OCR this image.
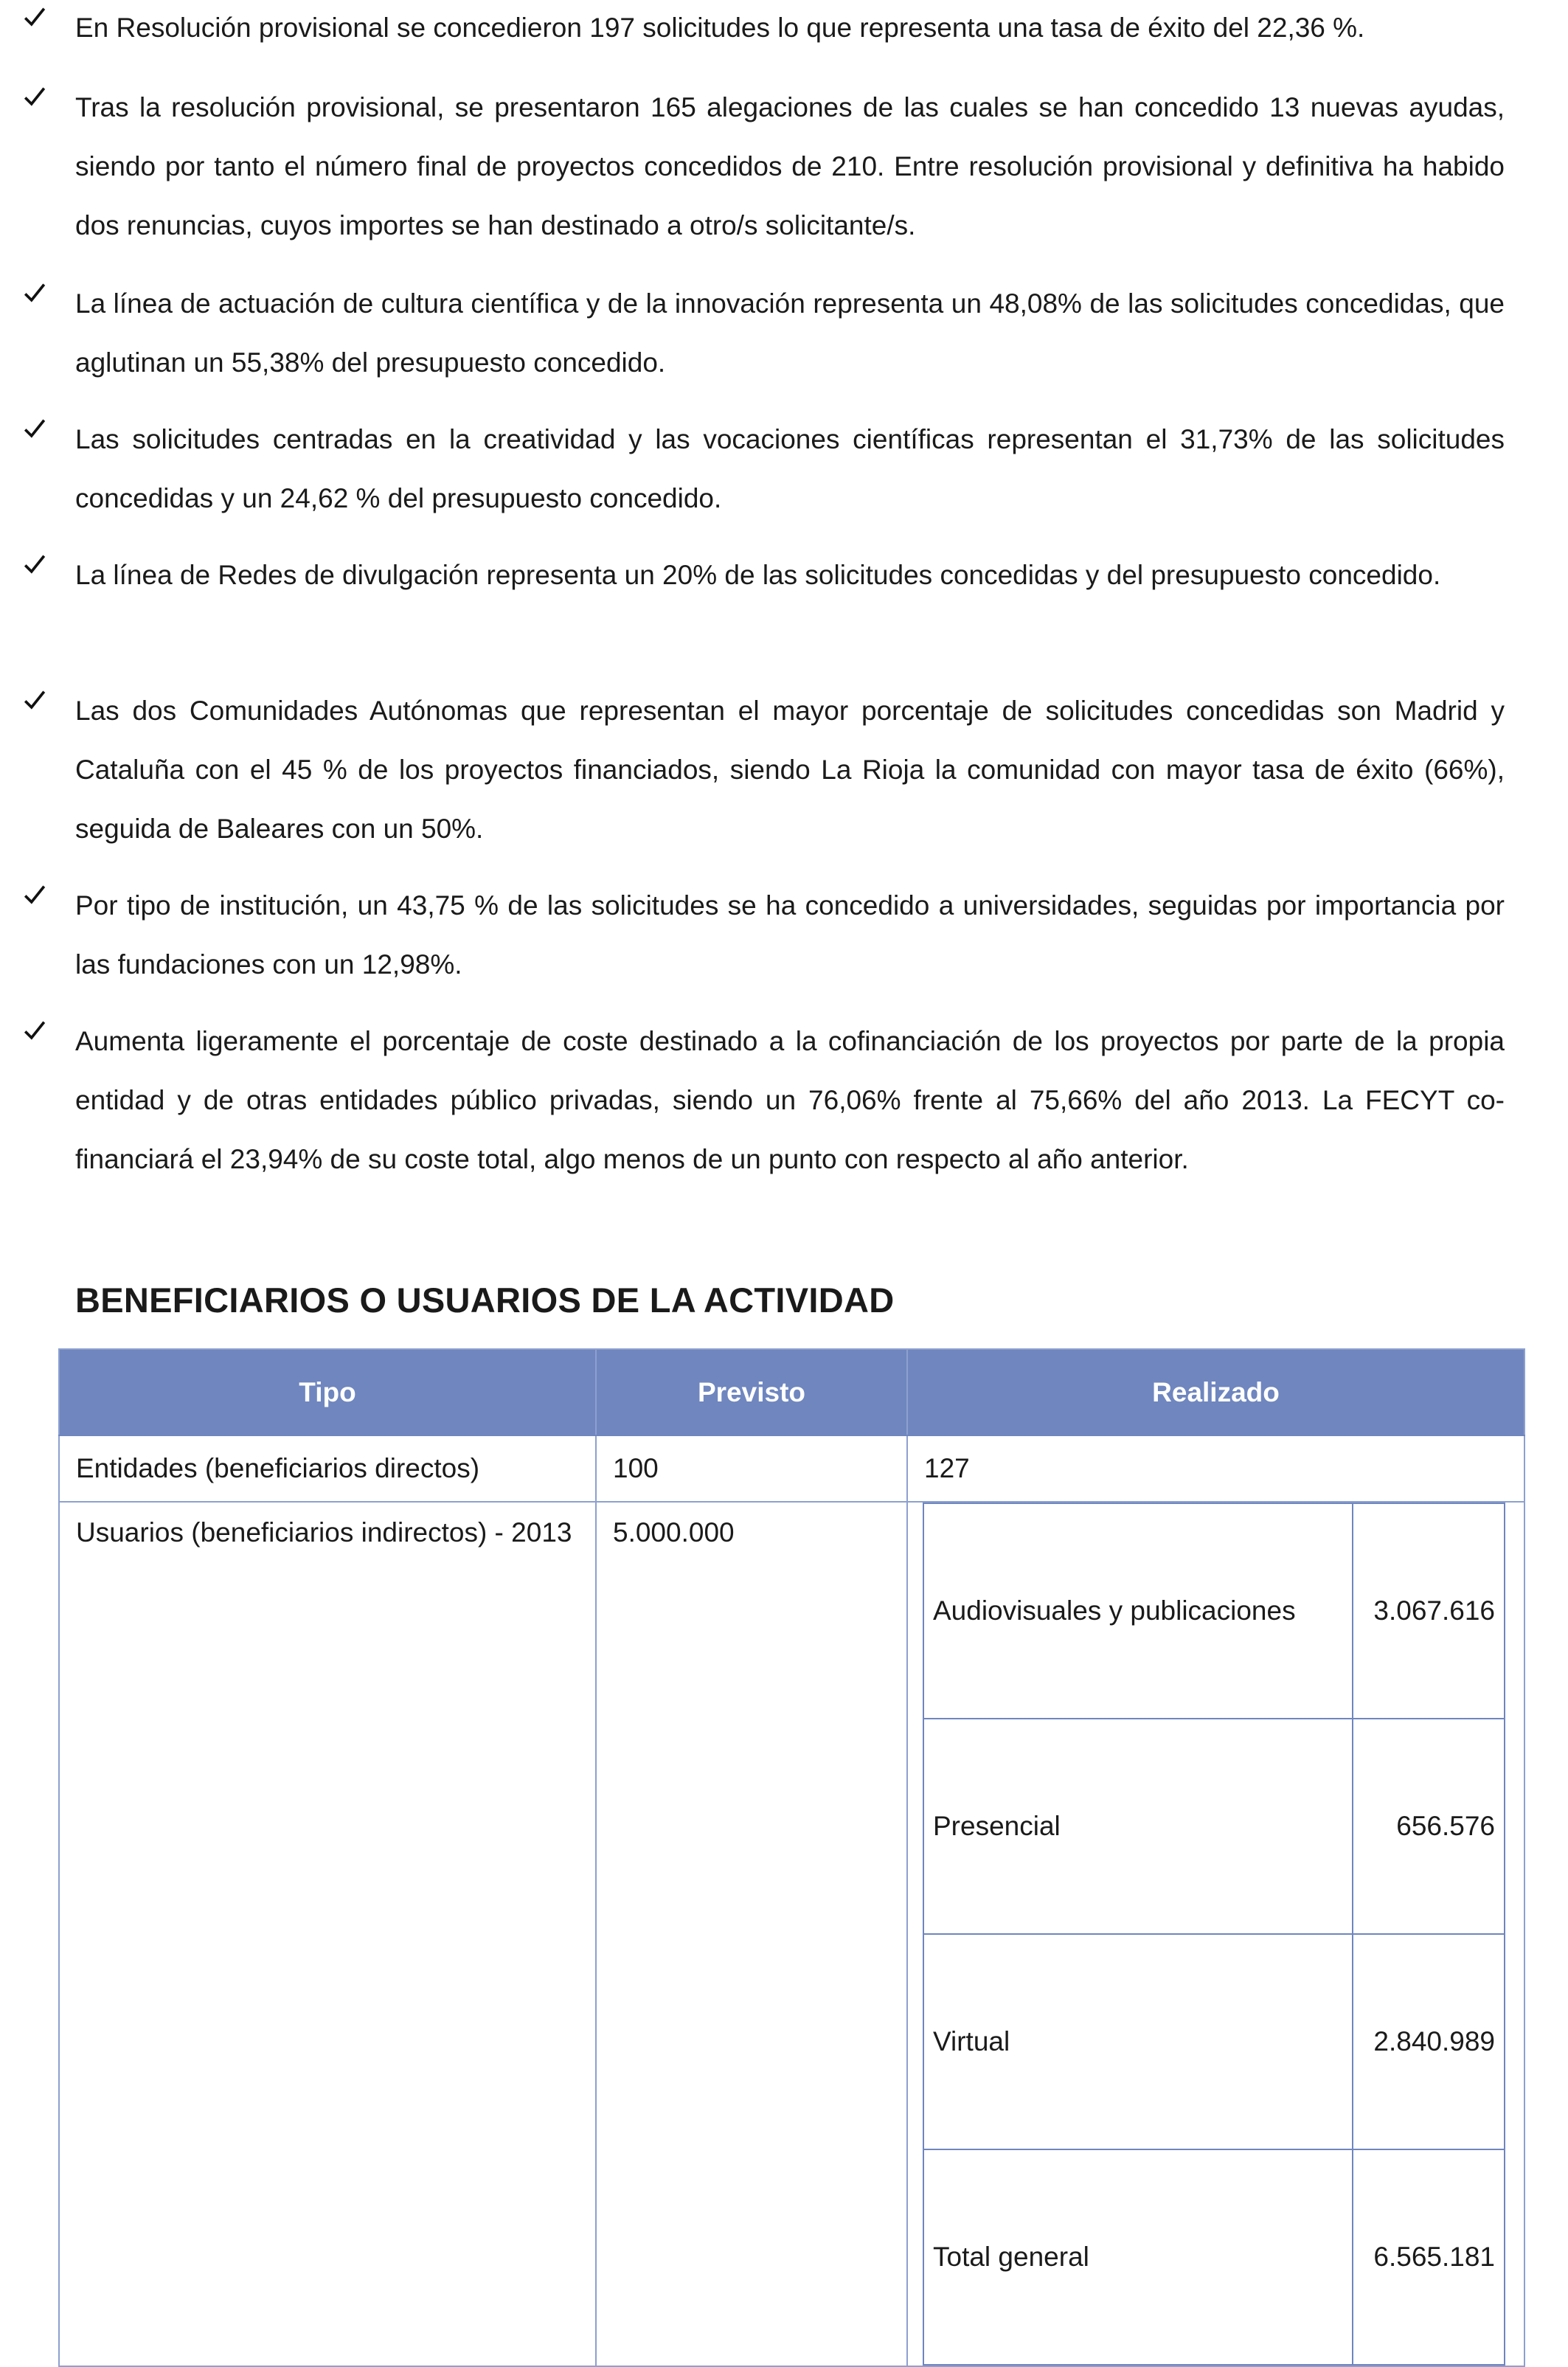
En Resolución provisional se concedieron 197 solicitudes lo que representa una tasa de éxito del 22,36 %.
Tras la resolución provisional, se presentaron 165 alegaciones de las cuales se han concedido 13 nuevas ayudas, siendo por tanto el número final de proyectos concedidos de 210. Entre resolución provisional y definitiva ha habido dos renuncias, cuyos importes se han destinado a otro/s solicitante/s.
La línea de actuación de cultura científica y de la innovación representa un 48,08% de las solicitudes concedidas, que aglutinan un 55,38% del presupuesto concedido.
Las solicitudes centradas en la creatividad y las vocaciones científicas representan el 31,73% de las solicitudes concedidas y un 24,62 % del presupuesto concedido.
La línea de Redes de divulgación representa un 20% de las solicitudes concedidas y del presupuesto concedido.
Las dos Comunidades Autónomas que representan el mayor porcentaje de solicitudes concedidas son Madrid y Cataluña con el 45 % de los proyectos financiados, siendo La Rioja la comunidad con mayor tasa de éxito (66%), seguida de Baleares con un 50%.
Por tipo de institución, un 43,75 % de las solicitudes se ha concedido a universidades, seguidas por importancia por las fundaciones con un 12,98%.
Aumenta ligeramente el porcentaje de coste destinado a la cofinanciación de los proyectos por parte de la propia entidad y de otras entidades público privadas, siendo un 76,06% frente al 75,66% del año 2013. La FECYT co-financiará el 23,94% de su coste total, algo menos de un punto con respecto al año anterior.
BENEFICIARIOS O USUARIOS DE LA ACTIVIDAD
Tipo	Previsto	Realizado
Entidades (beneficiarios directos)	100	127

Usuarios (beneficiarios indirectos) - 2013	5.000.000

Audiovisuales y publicaciones	3.067.616
Presencial	656.576
Virtual	2.840.989
Total general	6.565.181
